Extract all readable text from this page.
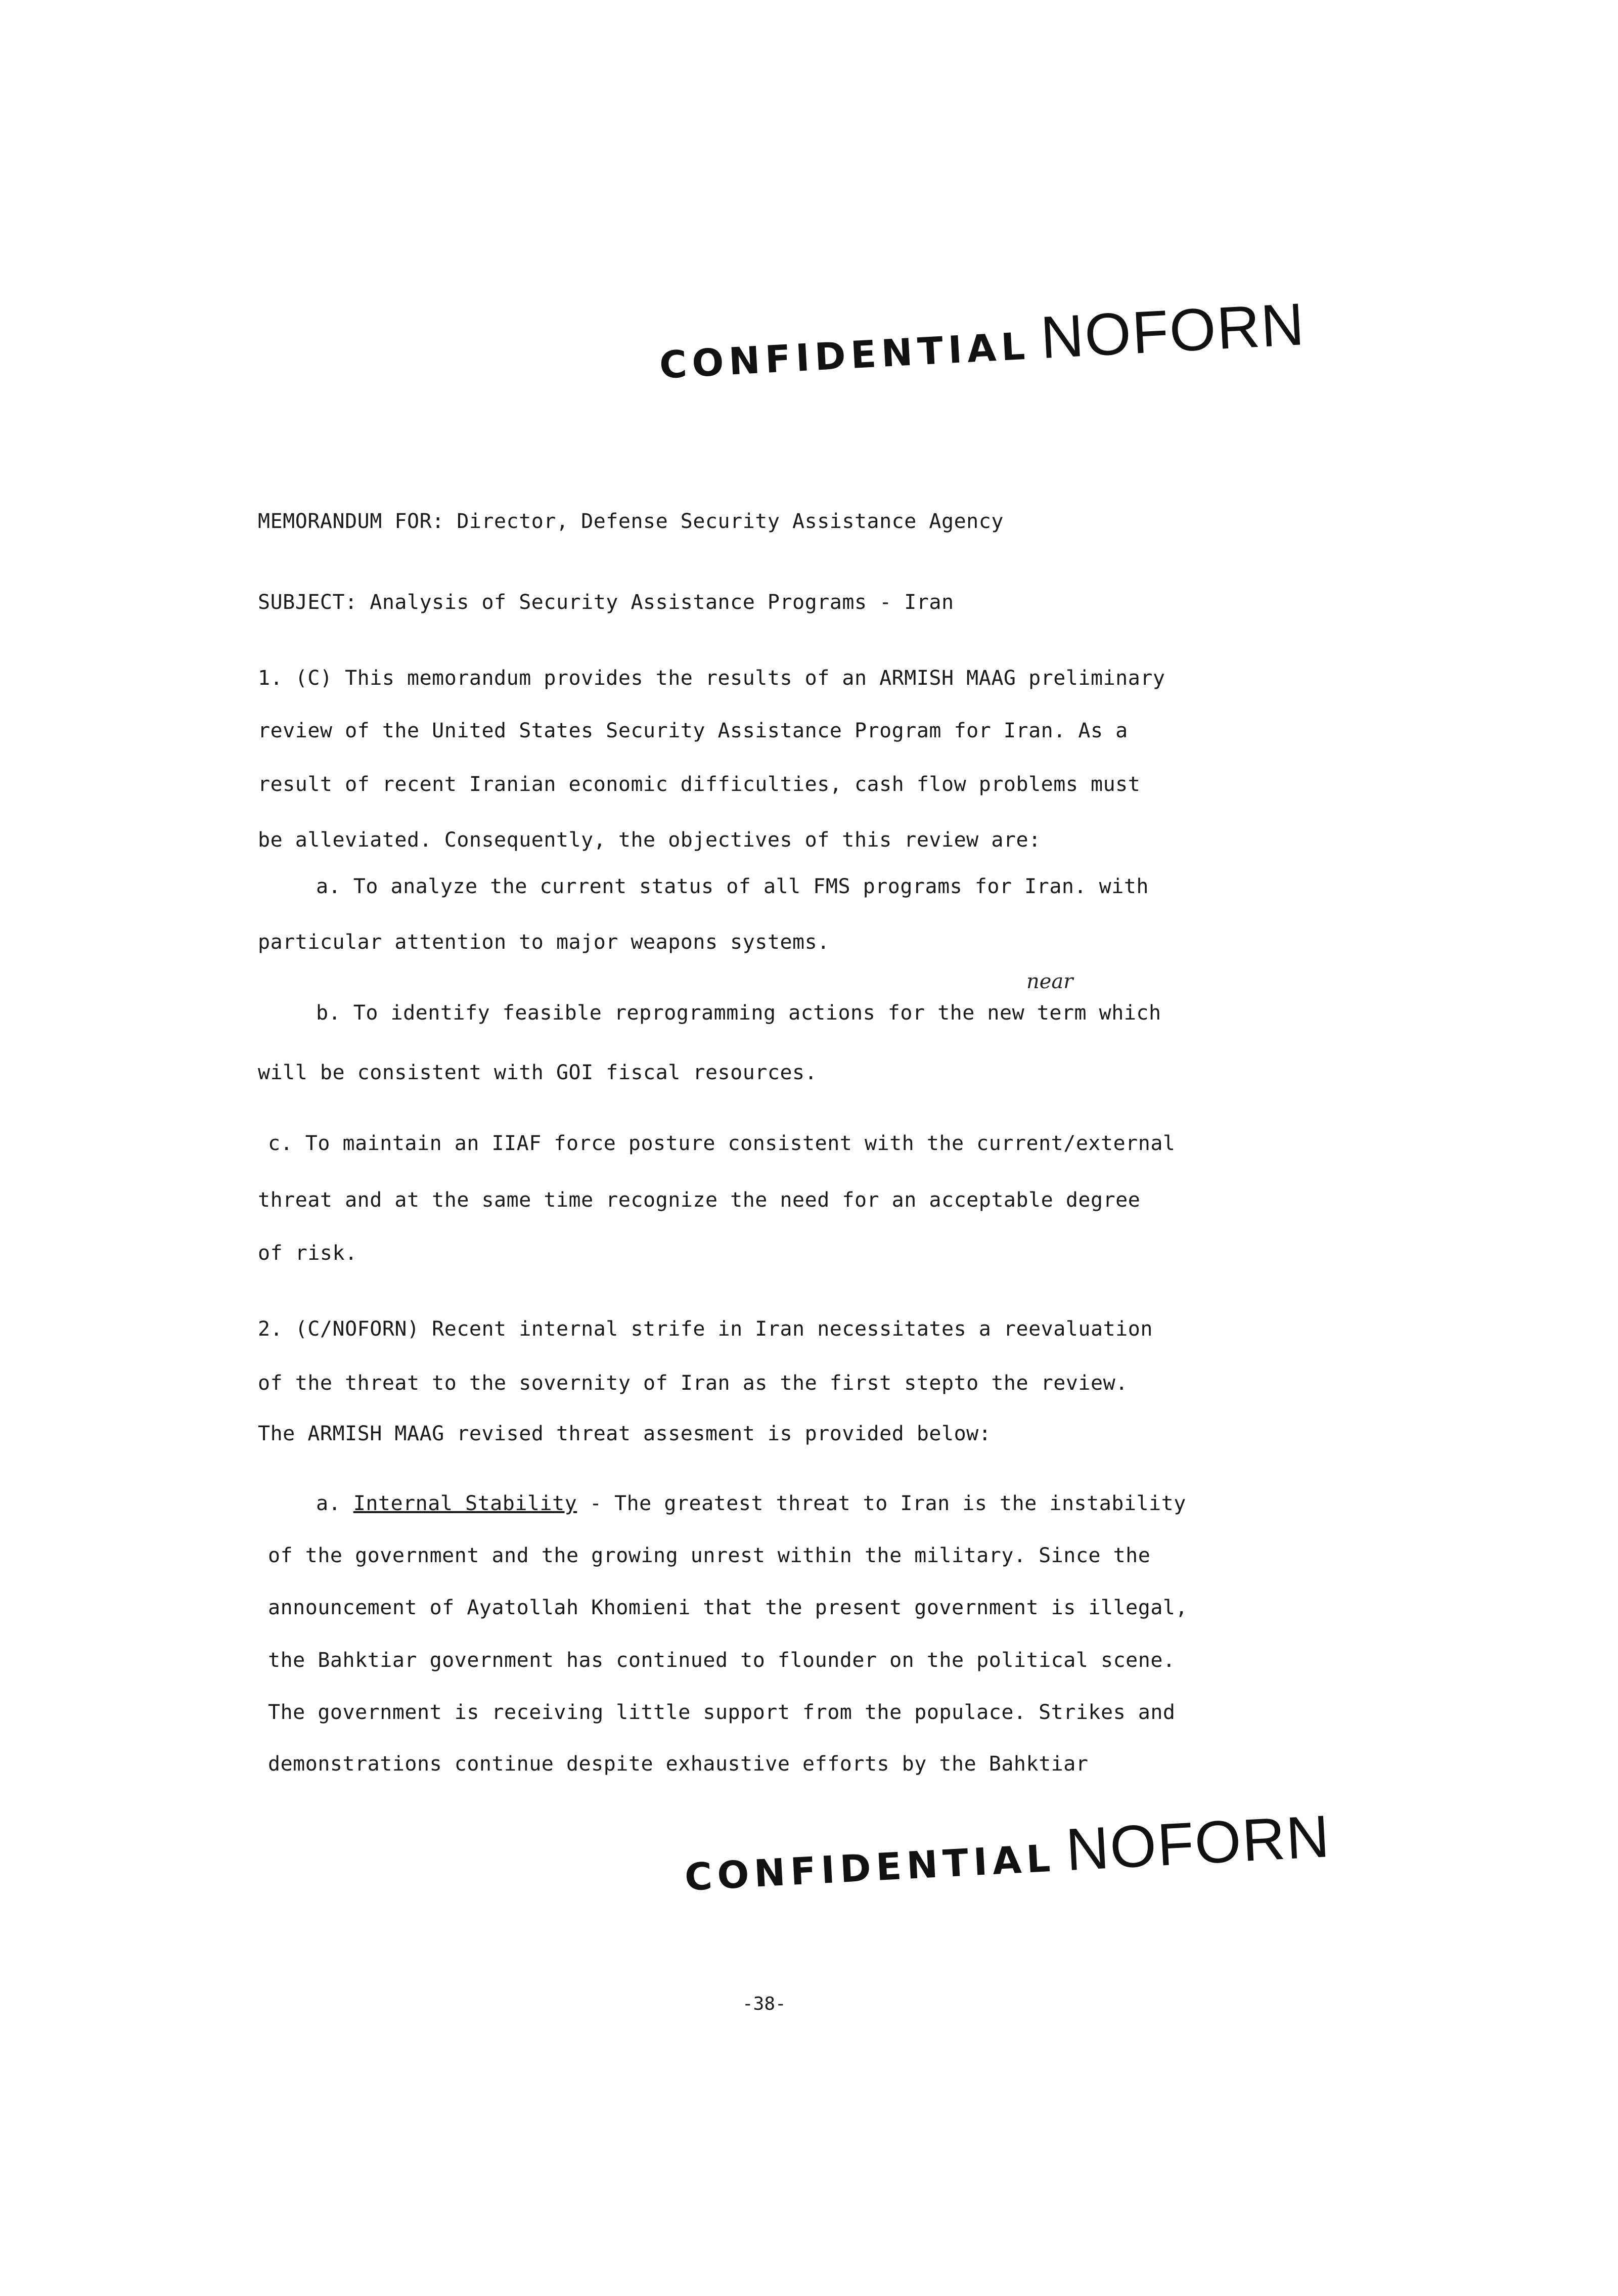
CONFIDENTIAL NOFORN
MEMORANDUM FOR: Director, Defense Security Assistance Agency
SUBJECT: Analysis of Security Assistance Programs - Iran
1. (C) This memorandum provides the results of an ARMISH MAAG preliminary
review of the United States Security Assistance Program for Iran. As a
result of recent Iranian economic difficulties, cash flow problems must
be alleviated. Consequently, the objectives of this review are:
a. To analyze the current status of all FMS programs for Iran. with
particular attention to major weapons systems.
near
b. To identify feasible reprogramming actions for the new term which
will be consistent with GOI fiscal resources.
c. To maintain an IIAF force posture consistent with the current/external
threat and at the same time recognize the need for an acceptable degree
of risk.
2. (C/NOFORN) Recent internal strife in Iran necessitates a reevaluation
of the threat to the sovernity of Iran as the first stepto the review.
The ARMISH MAAG revised threat assesment is provided below:
a. Internal Stability - The greatest threat to Iran is the instability
of the government and the growing unrest within the military. Since the
announcement of Ayatollah Khomieni that the present government is illegal,
the Bahktiar government has continued to flounder on the political scene.
The government is receiving little support from the populace. Strikes and
demonstrations continue despite exhaustive efforts by the Bahktiar
CONFIDENTIAL NOFORN
-38-
